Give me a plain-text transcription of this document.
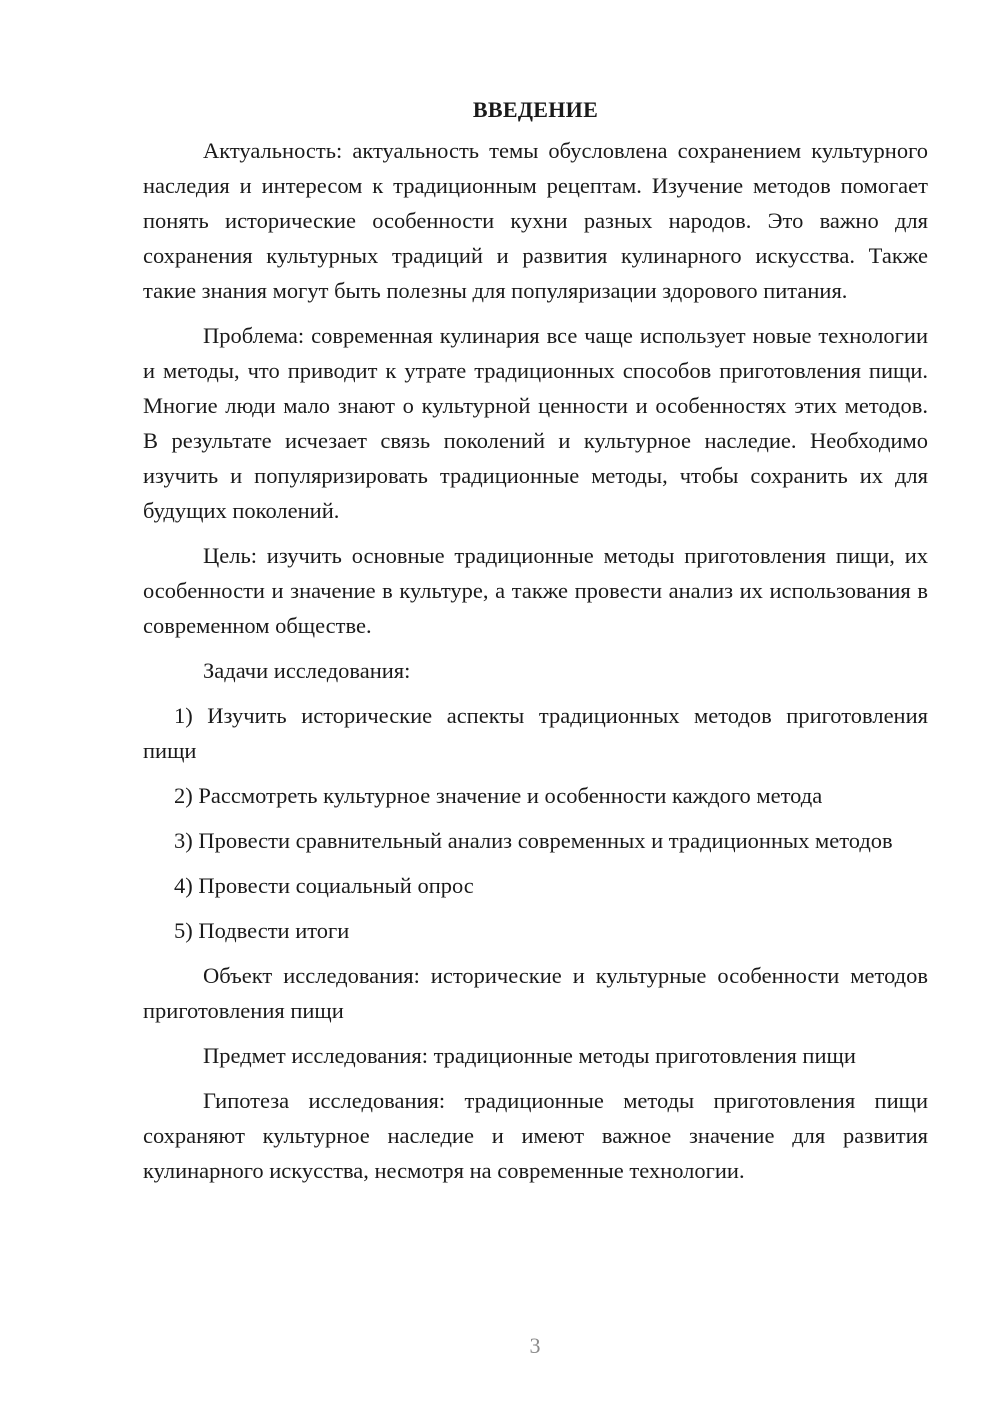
ВВЕДЕНИЕ

Актуальность: актуальность темы обусловлена сохранением культурного наследия и интересом к традиционным рецептам. Изучение методов помогает понять исторические особенности кухни разных народов. Это важно для сохранения культурных традиций и развития кулинарного искусства. Также такие знания могут быть полезны для популяризации здорового питания.

Проблема: современная кулинария все чаще использует новые технологии и методы, что приводит к утрате традиционных способов приготовления пищи. Многие люди мало знают о культурной ценности и особенностях этих методов. В результате исчезает связь поколений и культурное наследие. Необходимо изучить и популяризировать традиционные методы, чтобы сохранить их для будущих поколений.

Цель: изучить основные традиционные методы приготовления пищи, их особенности и значение в культуре, а также провести анализ их использования в современном обществе.

Задачи исследования:

1) Изучить исторические аспекты традиционных методов приготовления пищи

2) Рассмотреть культурное значение и особенности каждого метода

3) Провести сравнительный анализ современных и традиционных методов

4) Провести социальный опрос

5) Подвести итоги

Объект исследования: исторические и культурные особенности методов приготовления пищи

Предмет исследования: традиционные методы приготовления пищи

Гипотеза исследования: традиционные методы приготовления пищи сохраняют культурное наследие и имеют важное значение для развития кулинарного искусства, несмотря на современные технологии.

3
